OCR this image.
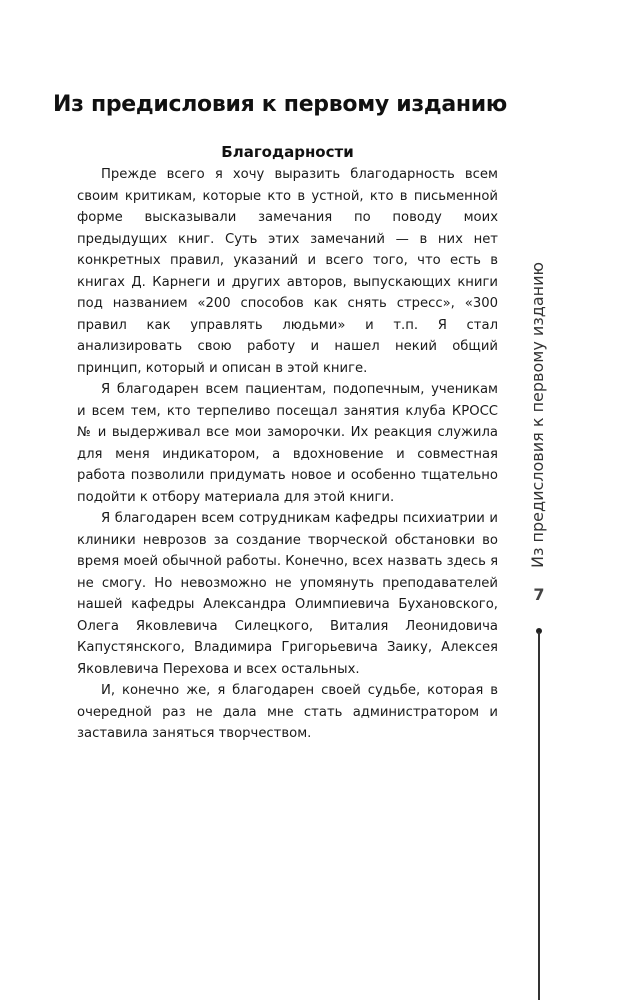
Из предисловия к первому изданию
Благодарности

Прежде всего я хочу выразить благодарность всем своим критикам, которые кто в устной, кто в письменной форме высказывали замечания по поводу моих предыдущих книг. Суть этих замечаний — в них нет конкретных правил, указаний и всего того, что есть в книгах Д. Карнеги и других авторов, выпускающих книги под названием «200 способов как снять стресс», «300 правил как управлять людьми» и т.п. Я стал анализировать свою работу и нашел некий общий принцип, который и описан в этой книге.

Я благодарен всем пациентам, подопечным, ученикам и всем тем, кто терпеливо посещал занятия клуба КРОСС № и выдерживал все мои заморочки. Их реакция служила для меня индикатором, а вдохновение и совместная работа позволили придумать новое и особенно тщательно подойти к отбору материала для этой книги.

Я благодарен всем сотрудникам кафедры психиатрии и клиники неврозов за создание творческой обстановки во время моей обычной работы. Конечно, всех назвать здесь я не смогу. Но невозможно не упомянуть преподавателей нашей кафедры Александра Олимпиевича Бухановского, Олега Яковлевича Силецкого, Виталия Леонидовича Капустянского, Владимира Григорьевича Заику, Алексея Яковлевича Перехова и всех остальных.

И, конечно же, я благодарен своей судьбе, которая в очередной раз не дала мне стать администратором и заставила заняться творчеством.

Из предисловия к первому изданию
7
